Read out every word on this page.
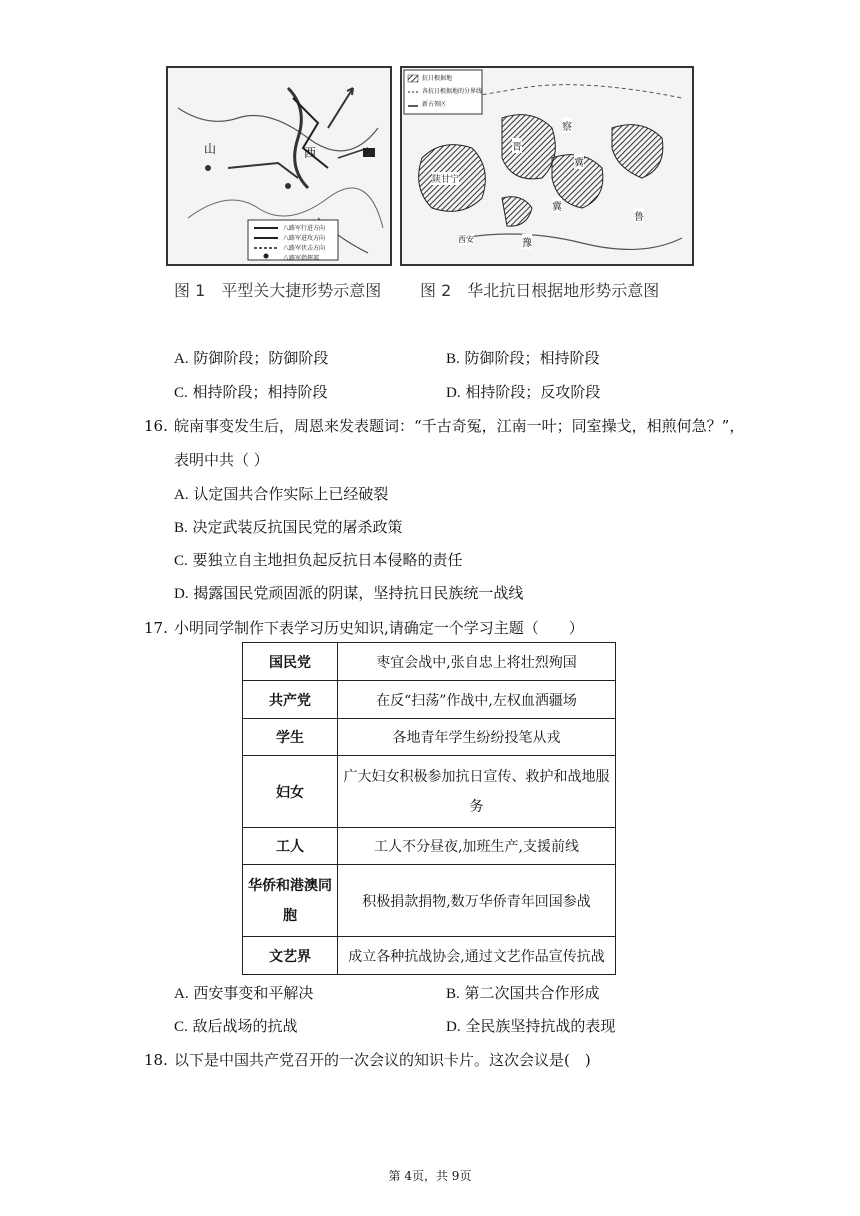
山	西
八路军行进方向
八路军进攻方向
八路军伏击方向
八路军指挥部
抗日根据地
各抗日根据地的分界线
新占领区
陕甘宁
晋
察
冀
鲁
冀
豫
西安
图 1　平型关大捷形势示意图 图 2　华北抗日根据地形势示意图
A. 防御阶段；防御阶段	B. 防御阶段；相持阶段
C. 相持阶段；相持阶段	D. 相持阶段；反攻阶段
16. 皖南事变发生后，周恩来发表题词：“千古奇冤，江南一叶；同室操戈，相煎何急？”，
表明中共（ ）
A. 认定国共合作实际上已经破裂
B. 决定武装反抗国民党的屠杀政策
C. 要独立自主地担负起反抗日本侵略的责任
D. 揭露国民党顽固派的阴谋，坚持抗日民族统一战线
17. 小明同学制作下表学习历史知识,请确定一个学习主题（　　）
国民党	枣宜会战中,张自忠上将壮烈殉国
共产党	在反“扫荡”作战中,左权血洒疆场
学生	各地青年学生纷纷投笔从戎
妇女	广大妇女积极参加抗日宣传、救护和战地服务
工人	工人不分昼夜,加班生产,支援前线
华侨和港澳同胞	积极捐款捐物,数万华侨青年回国参战
文艺界	成立各种抗战协会,通过文艺作品宣传抗战
A. 西安事变和平解决	B. 第二次国共合作形成
C. 敌后战场的抗战	D. 全民族坚持抗战的表现
18. 以下是中国共产党召开的一次会议的知识卡片。这次会议是(　)
第 4页，共 9页
